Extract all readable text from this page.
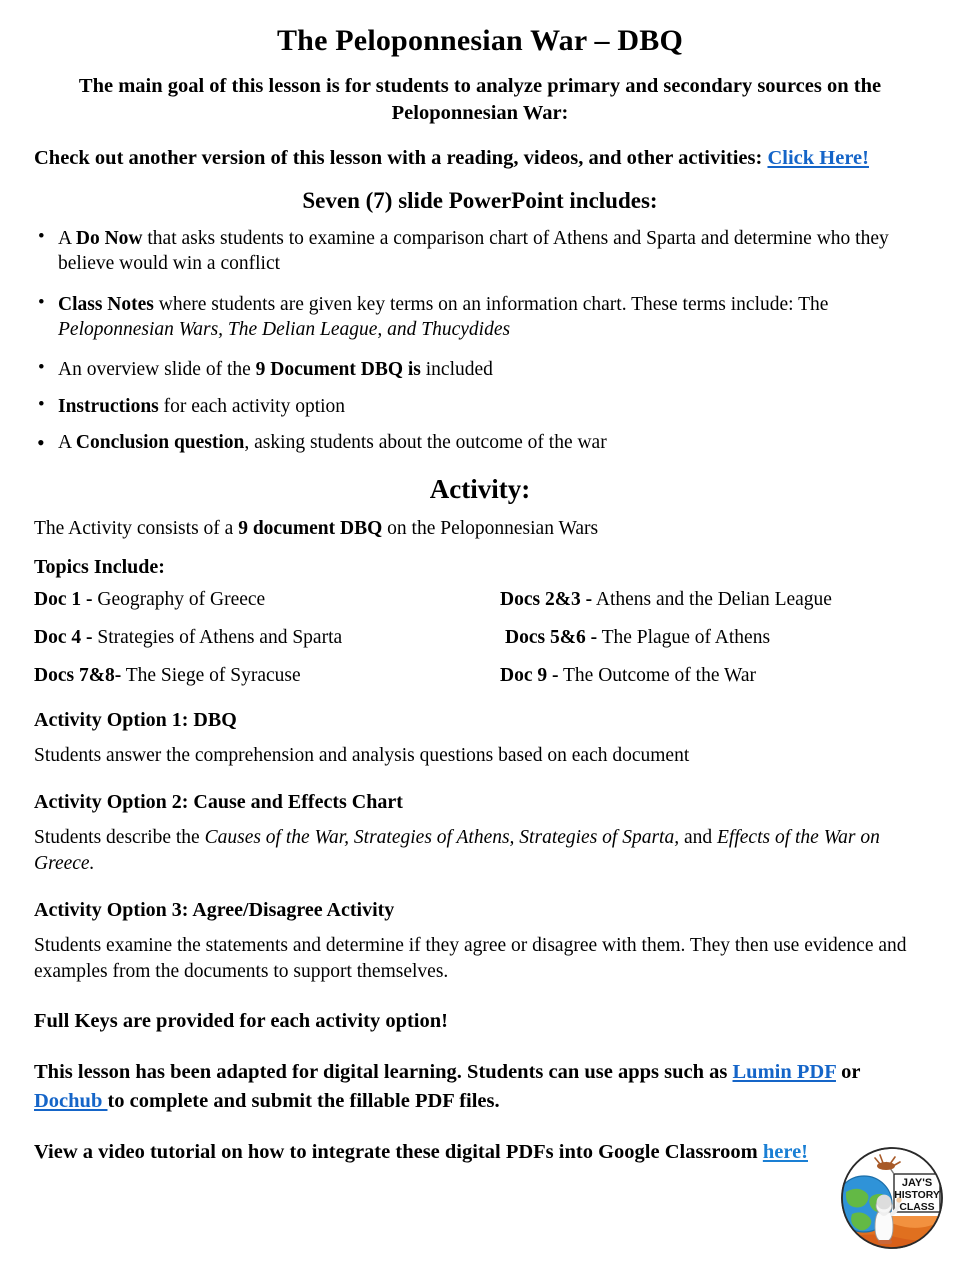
The Peloponnesian War – DBQ

The main goal of this lesson is for students to analyze primary and secondary sources on the Peloponnesian War:

Check out another version of this lesson with a reading, videos, and other activities: Click Here!

Seven (7) slide PowerPoint includes:
• A Do Now that asks students to examine a comparison chart of Athens and Sparta and determine who they believe would win a conflict
• Class Notes where students are given key terms on an information chart. These terms include: The Peloponnesian Wars, The Delian League, and Thucydides
• An overview slide of the 9 Document DBQ is included
• Instructions for each activity option
• A Conclusion question, asking students about the outcome of the war
Activity:

The Activity consists of a 9 document DBQ on the Peloponnesian Wars

Topics Include:

Doc 1 - Geography of Greece	Docs 2&3 - Athens and the Delian League
Doc 4 - Strategies of Athens and Sparta	Docs 5&6 - The Plague of Athens
Docs 7&8- The Siege of Syracuse	Doc 9 - The Outcome of the War
Activity Option 1: DBQ

Students answer the comprehension and analysis questions based on each document

Activity Option 2: Cause and Effects Chart

Students describe the Causes of the War, Strategies of Athens, Strategies of Sparta, and Effects of the War on Greece.

Activity Option 3: Agree/Disagree Activity

Students examine the statements and determine if they agree or disagree with them. They then use evidence and examples from the documents to support themselves.

Full Keys are provided for each activity option!

This lesson has been adapted for digital learning. Students can use apps such as Lumin PDF or Dochub to complete and submit the fillable PDF files.

View a video tutorial on how to integrate these digital PDFs into Google Classroom here!

JAY'S
HISTORY
CLASS
